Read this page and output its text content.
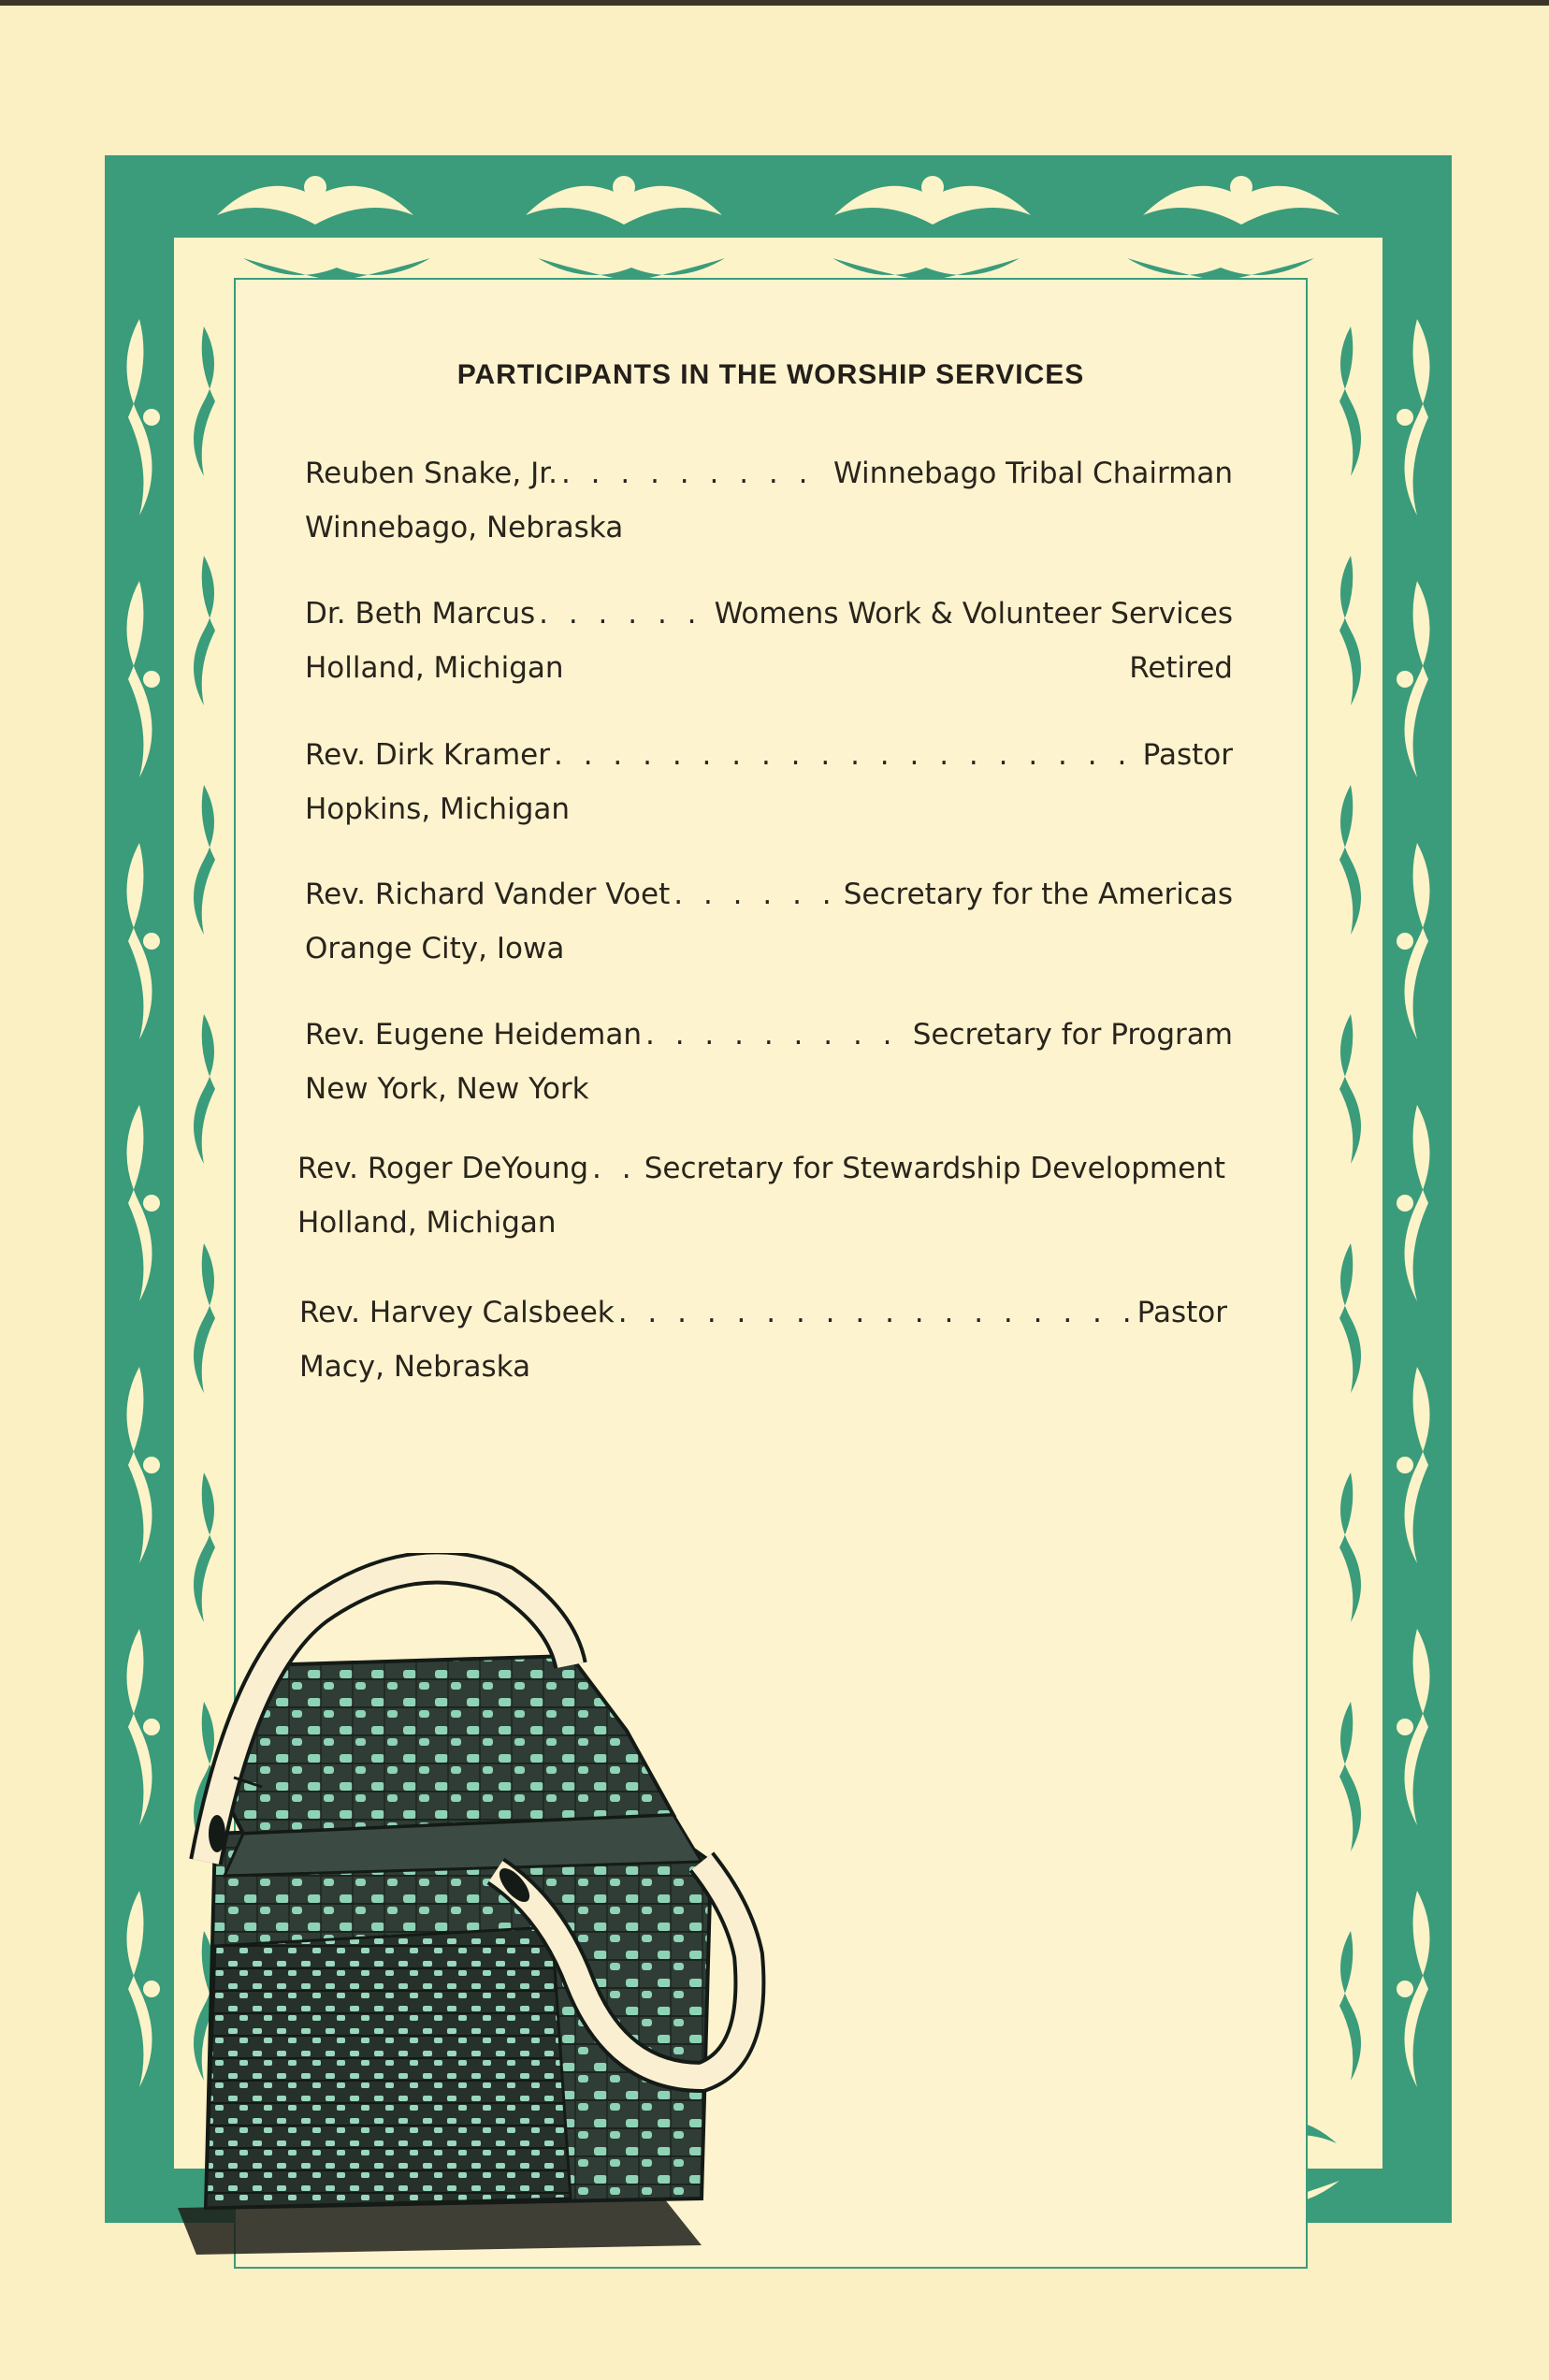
PARTICIPANTS IN THE WORSHIP SERVICES
Reuben Snake, Jr. . . .	Winnebago Tribal Chairman
Winnebago, Nebraska
Dr. Beth Marcus . . .	Womens Work & Volunteer Services
Holland, Michigan	Retired
Rev. Dirk Kramer . . .	Pastor
Hopkins, Michigan
Rev. Richard Vander Voet . . .	Secretary for the Americas
Orange City, Iowa
Rev. Eugene Heideman . . .	Secretary for Program
New York, New York
Rev. Roger DeYoung . . . Secretary for Stewardship Development
Holland, Michigan
Rev. Harvey Calsbeek . . .	Pastor
Macy, Nebraska
